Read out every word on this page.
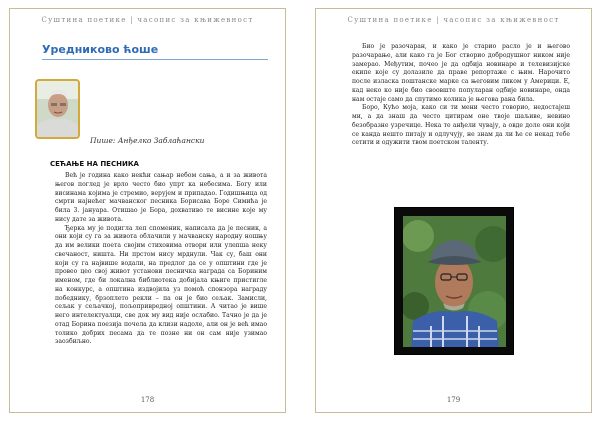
Суштина поетике | часопис за књижевност
Уредниково ћоше
Пише: Анђелко Заблаћански
СЕЋАЊЕ НА ПЕСНИКА

Већ је година како некћи сањар небом сања, а и за живота његов поглед је врло често био упрт ка небесима. Богу или висинама којима је стремио, верујем и припадао. Годишњица од смрти најнећег мачванског песника Борисава Боре Симића је била 3. јануара. Отишао је Бора, дохвативо те висине које му нису дате за живота.

Ђерка му је подигла леп споменик, написала да је песник, а они који су га за живота облачили у мачванску народну ношњу да им велики поета својим стиховима отвори или улепша неку свечаност, ништа. Ни прстом нису мрднули. Чак су, баш они који су га највише водали, на предлог да се у општини где је провео цео свој живот установи песничка награда са Бориним именом, где би локална библиотека добијала књиге пристигле на конкурс, а општина издвојила уз помоћ спонзора награду победнику, брзоплето рекли – па он је био сељак. Замисли, сељак у сељачкој, пољопривредној општини. А читао је више него интелектуалци, све док му вид није ослабио. Тачно је да је отад Борина поезија почела да клизи надоле, али он је већ имао толико добрих песама да те позне ни он сам није узимао заозбиљно.

178
Суштина поетике | часопис за књижевност

Био је разочаран, и како је старио расло је и његово разочарање, али како га је Бог створио добродушног ником није замерао. Међутим, почео је да одбија новинаре и телевизијске екипе које су долазиле да праве репортаже с њим. Нарочито после изласка поштанске марке са његовим ликом у Америци. Е, кад неко ко није био своовште популаран одбије новинаре, онда нам остаје само да спутимо колика је његова рана била.

Боро, Кућо моја, како си ти мени често говорио, недостајеш ми, а да знаш да често цитирам оне твоје шаљиве, невино безобразне узречице. Нека те анђели чувају, а овде доле они који се канда нешто питају и одлучују, не знам да ли ће се некад тебе сетити и одужити твом поетском таленту.

179
